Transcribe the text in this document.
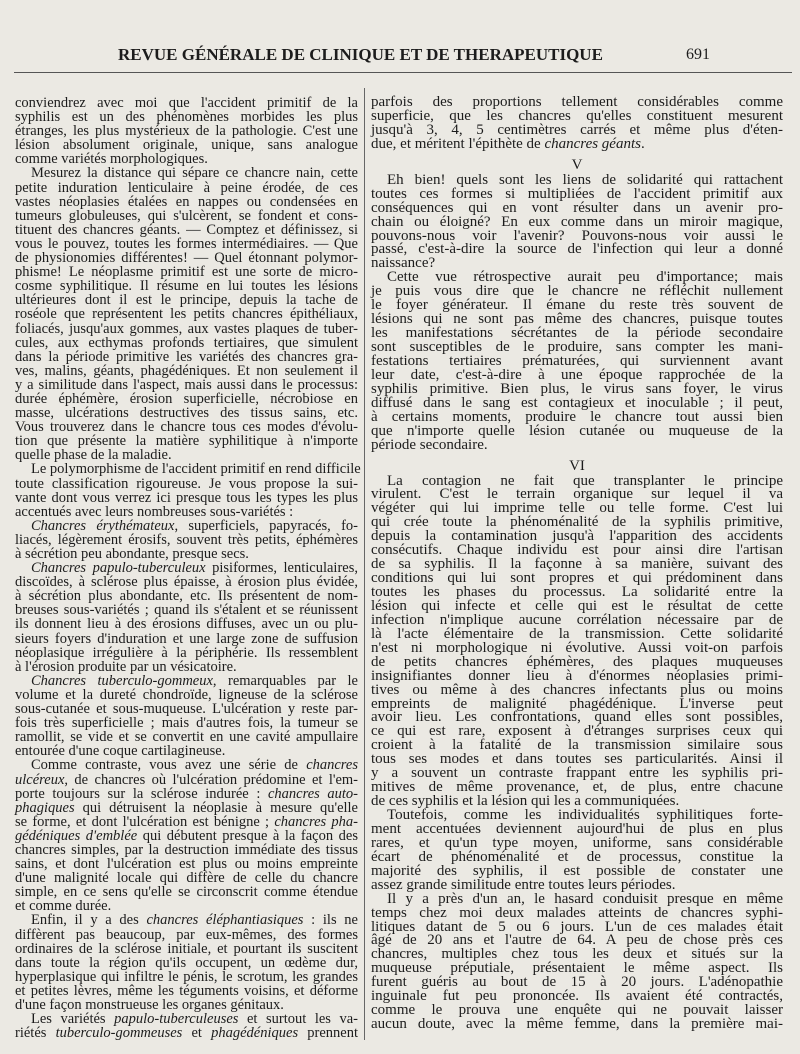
REVUE GÉNÉRALE DE CLINIQUE ET DE THERAPEUTIQUE	691
conviendrez avec moi que l'accident primitif de la
syphilis est un des phénomènes morbides les plus
étranges, les plus mystérieux de la pathologie. C'est une
lésion absolument originale, unique, sans analogue
comme variétés morphologiques.
Mesurez la distance qui sépare ce chancre nain, cette
petite induration lenticulaire à peine érodée, de ces
vastes néoplasies étalées en nappes ou condensées en
tumeurs globuleuses, qui s'ulcèrent, se fondent et cons-
tituent des chancres géants. — Comptez et définissez, si
vous le pouvez, toutes les formes intermédiaires. — Que
de physionomies différentes! — Quel étonnant polymor-
phisme! Le néoplasme primitif est une sorte de micro-
cosme syphilitique. Il résume en lui toutes les lésions
ultérieures dont il est le principe, depuis la tache de
roséole que représentent les petits chancres épithéliaux,
foliacés, jusqu'aux gommes, aux vastes plaques de tuber-
cules, aux ecthymas profonds tertiaires, que simulent
dans la période primitive les variétés des chancres gra-
ves, malins, géants, phagédéniques. Et non seulement il
y a similitude dans l'aspect, mais aussi dans le processus:
durée éphémère, érosion superficielle, nécrobiose en
masse, ulcérations destructives des tissus sains, etc.
Vous trouverez dans le chancre tous ces modes d'évolu-
tion que présente la matière syphilitique à n'importe
quelle phase de la maladie.
Le polymorphisme de l'accident primitif en rend difficile
toute classification rigoureuse. Je vous propose la sui-
vante dont vous verrez ici presque tous les types les plus
accentués avec leurs nombreuses sous-variétés :
Chancres érythémateux, superficiels, papyracés, fo-
liacés, légèrement érosifs, souvent très petits, éphémères
à sécrétion peu abondante, presque secs.
Chancres papulo-tuberculeux pisiformes, lenticulaires,
discoïdes, à sclérose plus épaisse, à érosion plus évidée,
à sécrétion plus abondante, etc. Ils présentent de nom-
breuses sous-variétés ; quand ils s'étalent et se réunissent
ils donnent lieu à des érosions diffuses, avec un ou plu-
sieurs foyers d'induration et une large zone de suffusion
néoplasique irrégulière à la périphérie. Ils ressemblent
à l'érosion produite par un vésicatoire.
Chancres tuberculo-gommeux, remarquables par le
volume et la dureté chondroïde, ligneuse de la sclérose
sous-cutanée et sous-muqueuse. L'ulcération y reste par-
fois très superficielle ; mais d'autres fois, la tumeur se
ramollit, se vide et se convertit en une cavité ampullaire
entourée d'une coque cartilagineuse.
Comme contraste, vous avez une série de chancres
ulcéreux, de chancres où l'ulcération prédomine et l'em-
porte toujours sur la sclérose indurée : chancres auto-
phagiques qui détruisent la néoplasie à mesure qu'elle
se forme, et dont l'ulcération est bénigne ; chancres pha-
gédéniques d'emblée qui débutent presque à la façon des
chancres simples, par la destruction immédiate des tissus
sains, et dont l'ulcération est plus ou moins empreinte
d'une malignité locale qui diffère de celle du chancre
simple, en ce sens qu'elle se circonscrit comme étendue
et comme durée.
Enfin, il y a des chancres éléphantiasiques : ils ne
diffèrent pas beaucoup, par eux-mêmes, des formes
ordinaires de la sclérose initiale, et pourtant ils suscitent
dans toute la région qu'ils occupent, un œdème dur,
hyperplasique qui infiltre le pénis, le scrotum, les grandes
et petites lèvres, même les téguments voisins, et déforme
d'une façon monstrueuse les organes génitaux.
Les variétés papulo-tuberculeuses et surtout les va-
riétés tuberculo-gommeuses et phagédéniques prennent
parfois des proportions tellement considérables comme
superficie, que les chancres qu'elles constituent mesurent
jusqu'à 3, 4, 5 centimètres carrés et même plus d'éten-
due, et méritent l'épithète de chancres géants.
V
Eh bien! quels sont les liens de solidarité qui rattachent
toutes ces formes si multipliées de l'accident primitif aux
conséquences qui en vont résulter dans un avenir pro-
chain ou éloigné? En eux comme dans un miroir magique,
pouvons-nous voir l'avenir? Pouvons-nous voir aussi le
passé, c'est-à-dire la source de l'infection qui leur a donné
naissance?
Cette vue rétrospective aurait peu d'importance; mais
je puis vous dire que le chancre ne réfléchit nullement
le foyer générateur. Il émane du reste très souvent de
lésions qui ne sont pas même des chancres, puisque toutes
les manifestations sécrétantes de la période secondaire
sont susceptibles de le produire, sans compter les mani-
festations tertiaires prématurées, qui surviennent avant
leur date, c'est-à-dire à une époque rapprochée de la
syphilis primitive. Bien plus, le virus sans foyer, le virus
diffusé dans le sang est contagieux et inoculable ; il peut,
à certains moments, produire le chancre tout aussi bien
que n'importe quelle lésion cutanée ou muqueuse de la
période secondaire.
VI
La contagion ne fait que transplanter le principe
virulent. C'est le terrain organique sur lequel il va
végéter qui lui imprime telle ou telle forme. C'est lui
qui crée toute la phénoménalité de la syphilis primitive,
depuis la contamination jusqu'à l'apparition des accidents
consécutifs. Chaque individu est pour ainsi dire l'artisan
de sa syphilis. Il la façonne à sa manière, suivant des
conditions qui lui sont propres et qui prédominent dans
toutes les phases du processus. La solidarité entre la
lésion qui infecte et celle qui est le résultat de cette
infection n'implique aucune corrélation nécessaire par de
là l'acte élémentaire de la transmission. Cette solidarité
n'est ni morphologique ni évolutive. Aussi voit-on parfois
de petits chancres éphémères, des plaques muqueuses
insignifiantes donner lieu à d'énormes néoplasies primi-
tives ou même à des chancres infectants plus ou moins
empreints de malignité phagédénique. L'inverse peut
avoir lieu. Les confrontations, quand elles sont possibles,
ce qui est rare, exposent à d'étranges surprises ceux qui
croient à la fatalité de la transmission similaire sous
tous ses modes et dans toutes ses particularités. Ainsi il
y a souvent un contraste frappant entre les syphilis pri-
mitives de même provenance, et, de plus, entre chacune
de ces syphilis et la lésion qui les a communiquées.
Toutefois, comme les individualités syphilitiques forte-
ment accentuées deviennent aujourd'hui de plus en plus
rares, et qu'un type moyen, uniforme, sans considérable
écart de phénoménalité et de processus, constitue la
majorité des syphilis, il est possible de constater une
assez grande similitude entre toutes leurs périodes.
Il y a près d'un an, le hasard conduisit presque en même
temps chez moi deux malades atteints de chancres syphi-
litiques datant de 5 ou 6 jours. L'un de ces malades était
âgé de 20 ans et l'autre de 64. A peu de chose près ces
chancres, multiples chez tous les deux et situés sur la
muqueuse préputiale, présentaient le même aspect. Ils
furent guéris au bout de 15 à 20 jours. L'adénopathie
inguinale fut peu prononcée. Ils avaient été contractés,
comme le prouva une enquête qui ne pouvait laisser
aucun doute, avec la même femme, dans la première mai-
